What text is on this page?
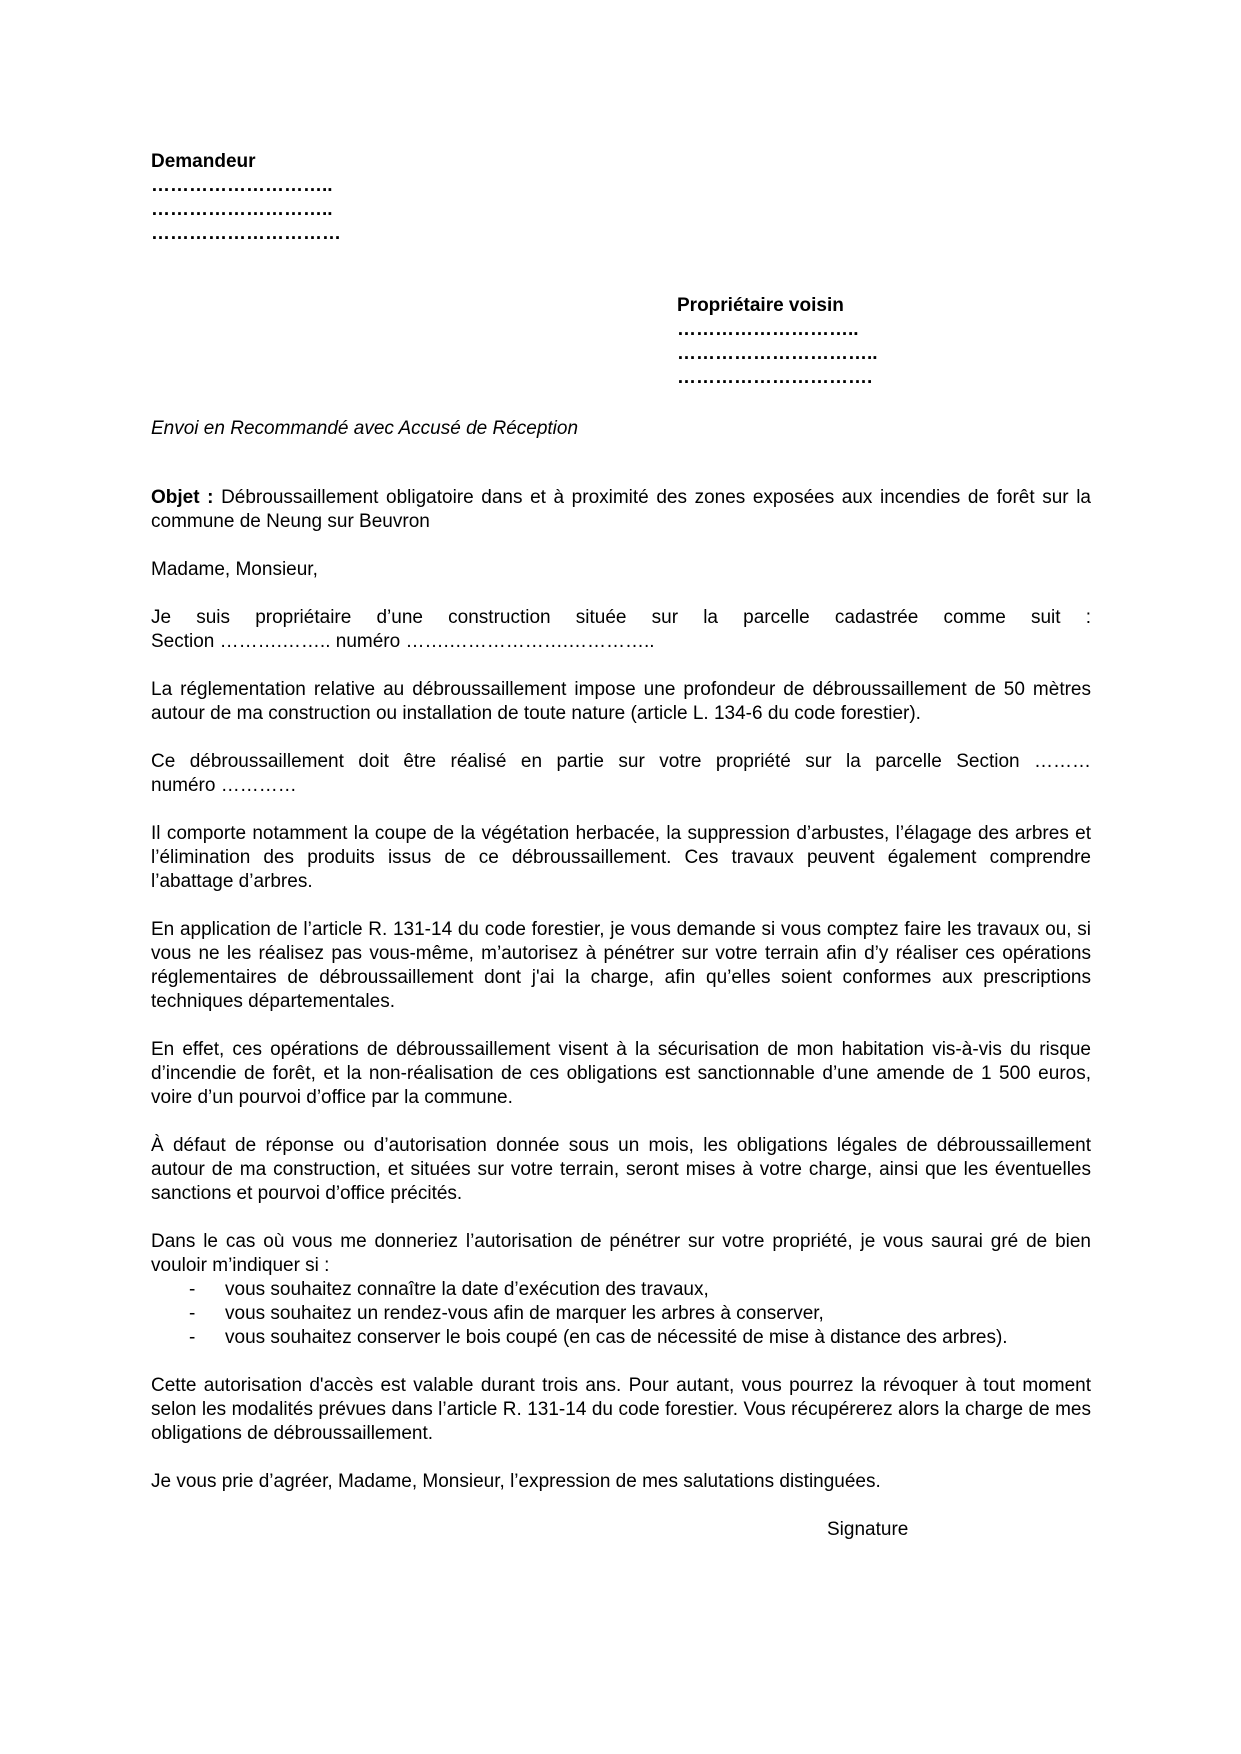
Demandeur
………………………..
………………………..
…………………………
Propriétaire voisin
………………………..
…………………………..
………………………….
Envoi en Recommandé avec Accusé de Réception
Objet : Débroussaillement obligatoire dans et à proximité des zones exposées aux incendies de forêt sur la commune de Neung sur Beuvron
Madame, Monsieur,
Je suis propriétaire d’une construction située sur la parcelle cadastrée comme suit :
Section ……….…….. numéro …….……………….…………..
La réglementation relative au débroussaillement impose une profondeur de débroussaillement de 50 mètres autour de ma construction ou installation de toute nature (article L. 134-6 du code forestier).
Ce débroussaillement doit être réalisé en partie sur votre propriété sur la parcelle Section ………
numéro …………
Il comporte notamment la coupe de la végétation herbacée, la suppression d’arbustes, l’élagage des arbres et l’élimination des produits issus de ce débroussaillement. Ces travaux peuvent également comprendre l’abattage d’arbres.
En application de l’article R. 131-14 du code forestier, je vous demande si vous comptez faire les travaux ou, si vous ne les réalisez pas vous-même, m’autorisez à pénétrer sur votre terrain afin d’y réaliser ces opérations réglementaires de débroussaillement dont j'ai la charge, afin qu’elles soient conformes aux prescriptions techniques départementales.
En effet, ces opérations de débroussaillement visent à la sécurisation de mon habitation vis-à-vis du risque d’incendie de forêt, et la non-réalisation de ces obligations est sanctionnable d’une amende de 1 500 euros, voire d’un pourvoi d’office par la commune.
À défaut de réponse ou d’autorisation donnée sous un mois, les obligations légales de débroussaillement autour de ma construction, et situées sur votre terrain, seront mises à votre charge, ainsi que les éventuelles sanctions et pourvoi d’office précités.
Dans le cas où vous me donneriez l’autorisation de pénétrer sur votre propriété, je vous saurai gré de bien vouloir m’indiquer si :
- vous souhaitez connaître la date d’exécution des travaux,
- vous souhaitez un rendez-vous afin de marquer les arbres à conserver,
- vous souhaitez conserver le bois coupé (en cas de nécessité de mise à distance des arbres).
Cette autorisation d'accès est valable durant trois ans. Pour autant, vous pourrez la révoquer à tout moment selon les modalités prévues dans l’article R. 131-14 du code forestier. Vous récupérerez alors la charge de mes obligations de débroussaillement.
Je vous prie d’agréer, Madame, Monsieur, l’expression de mes salutations distinguées.
Signature
